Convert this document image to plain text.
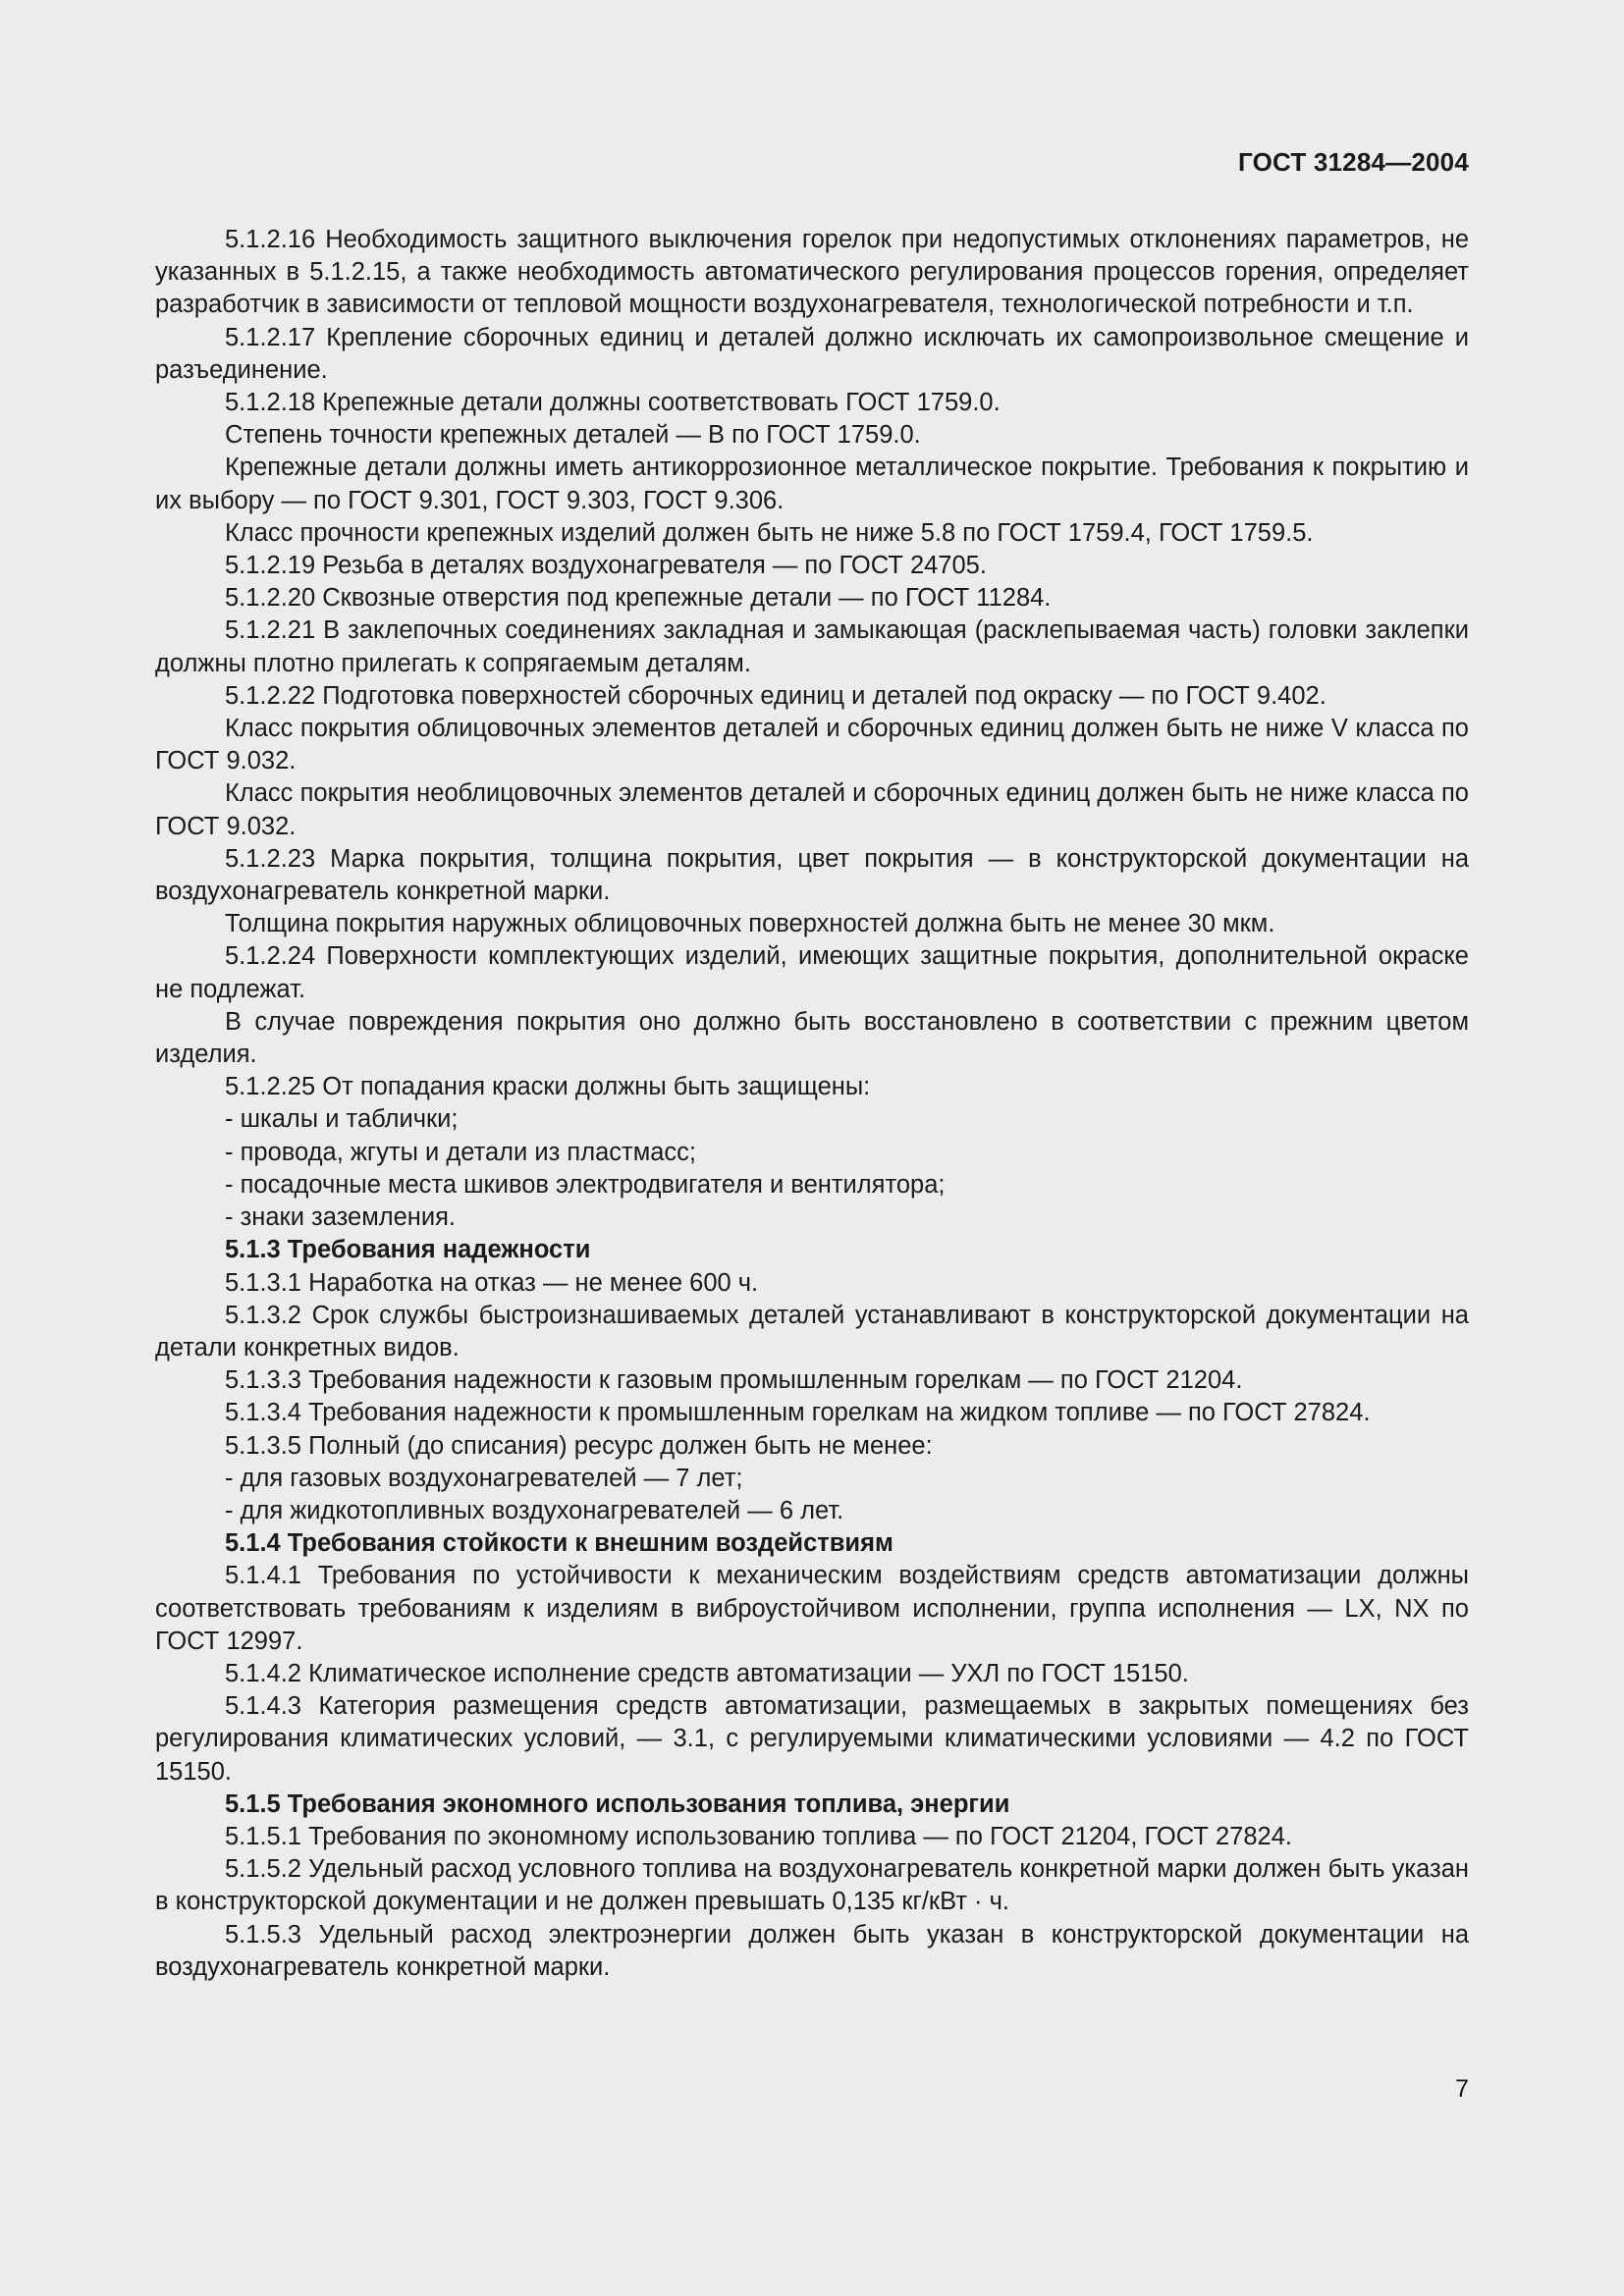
ГОСТ 31284—2004

5.1.2.16 Необходимость защитного выключения горелок при недопустимых отклонениях параметров, не указанных в 5.1.2.15, а также необходимость автоматического регулирования процессов горения, определяет разработчик в зависимости от тепловой мощности воздухонагревателя, технологической потребности и т.п.

5.1.2.17 Крепление сборочных единиц и деталей должно исключать их самопроизвольное смещение и разъединение.

5.1.2.18 Крепежные детали должны соответствовать ГОСТ 1759.0.

Степень точности крепежных деталей — В по ГОСТ 1759.0.

Крепежные детали должны иметь антикоррозионное металлическое покрытие. Требования к покрытию и их выбору — по ГОСТ 9.301, ГОСТ 9.303, ГОСТ 9.306.

Класс прочности крепежных изделий должен быть не ниже 5.8 по ГОСТ 1759.4, ГОСТ 1759.5.

5.1.2.19 Резьба в деталях воздухонагревателя — по ГОСТ 24705.

5.1.2.20 Сквозные отверстия под крепежные детали — по ГОСТ 11284.

5.1.2.21 В заклепочных соединениях закладная и замыкающая (расклепываемая часть) головки заклепки должны плотно прилегать к сопрягаемым деталям.

5.1.2.22 Подготовка поверхностей сборочных единиц и деталей под окраску — по ГОСТ 9.402.

Класс покрытия облицовочных элементов деталей и сборочных единиц должен быть не ниже V класса по ГОСТ 9.032.

Класс покрытия необлицовочных элементов деталей и сборочных единиц должен быть не ниже класса по ГОСТ 9.032.

5.1.2.23 Марка покрытия, толщина покрытия, цвет покрытия — в конструкторской документации на воздухонагреватель конкретной марки.

Толщина покрытия наружных облицовочных поверхностей должна быть не менее 30 мкм.

5.1.2.24 Поверхности комплектующих изделий, имеющих защитные покрытия, дополнительной окраске не подлежат.

В случае повреждения покрытия оно должно быть восстановлено в соответствии с прежним цветом изделия.

5.1.2.25 От попадания краски должны быть защищены:

- шкалы и таблички;

- провода, жгуты и детали из пластмасс;

- посадочные места шкивов электродвигателя и вентилятора;

- знаки заземления.

5.1.3 Требования надежности

5.1.3.1 Наработка на отказ — не менее 600 ч.

5.1.3.2 Срок службы быстроизнашиваемых деталей устанавливают в конструкторской документации на детали конкретных видов.

5.1.3.3 Требования надежности к газовым промышленным горелкам — по ГОСТ 21204.

5.1.3.4 Требования надежности к промышленным горелкам на жидком топливе — по ГОСТ 27824.

5.1.3.5 Полный (до списания) ресурс должен быть не менее:

- для газовых воздухонагревателей — 7 лет;

- для жидкотопливных воздухонагревателей — 6 лет.

5.1.4 Требования стойкости к внешним воздействиям

5.1.4.1 Требования по устойчивости к механическим воздействиям средств автоматизации должны соответствовать требованиям к изделиям в виброустойчивом исполнении, группа исполнения — LX, NX по ГОСТ 12997.

5.1.4.2 Климатическое исполнение средств автоматизации — УХЛ по ГОСТ 15150.

5.1.4.3 Категория размещения средств автоматизации, размещаемых в закрытых помещениях без регулирования климатических условий, — 3.1, с регулируемыми климатическими условиями — 4.2 по ГОСТ 15150.

5.1.5 Требования экономного использования топлива, энергии

5.1.5.1 Требования по экономному использованию топлива — по ГОСТ 21204, ГОСТ 27824.

5.1.5.2 Удельный расход условного топлива на воздухонагреватель конкретной марки должен быть указан в конструкторской документации и не должен превышать 0,135 кг/кВт · ч.

5.1.5.3 Удельный расход электроэнергии должен быть указан в конструкторской документации на воздухонагреватель конкретной марки.

7
